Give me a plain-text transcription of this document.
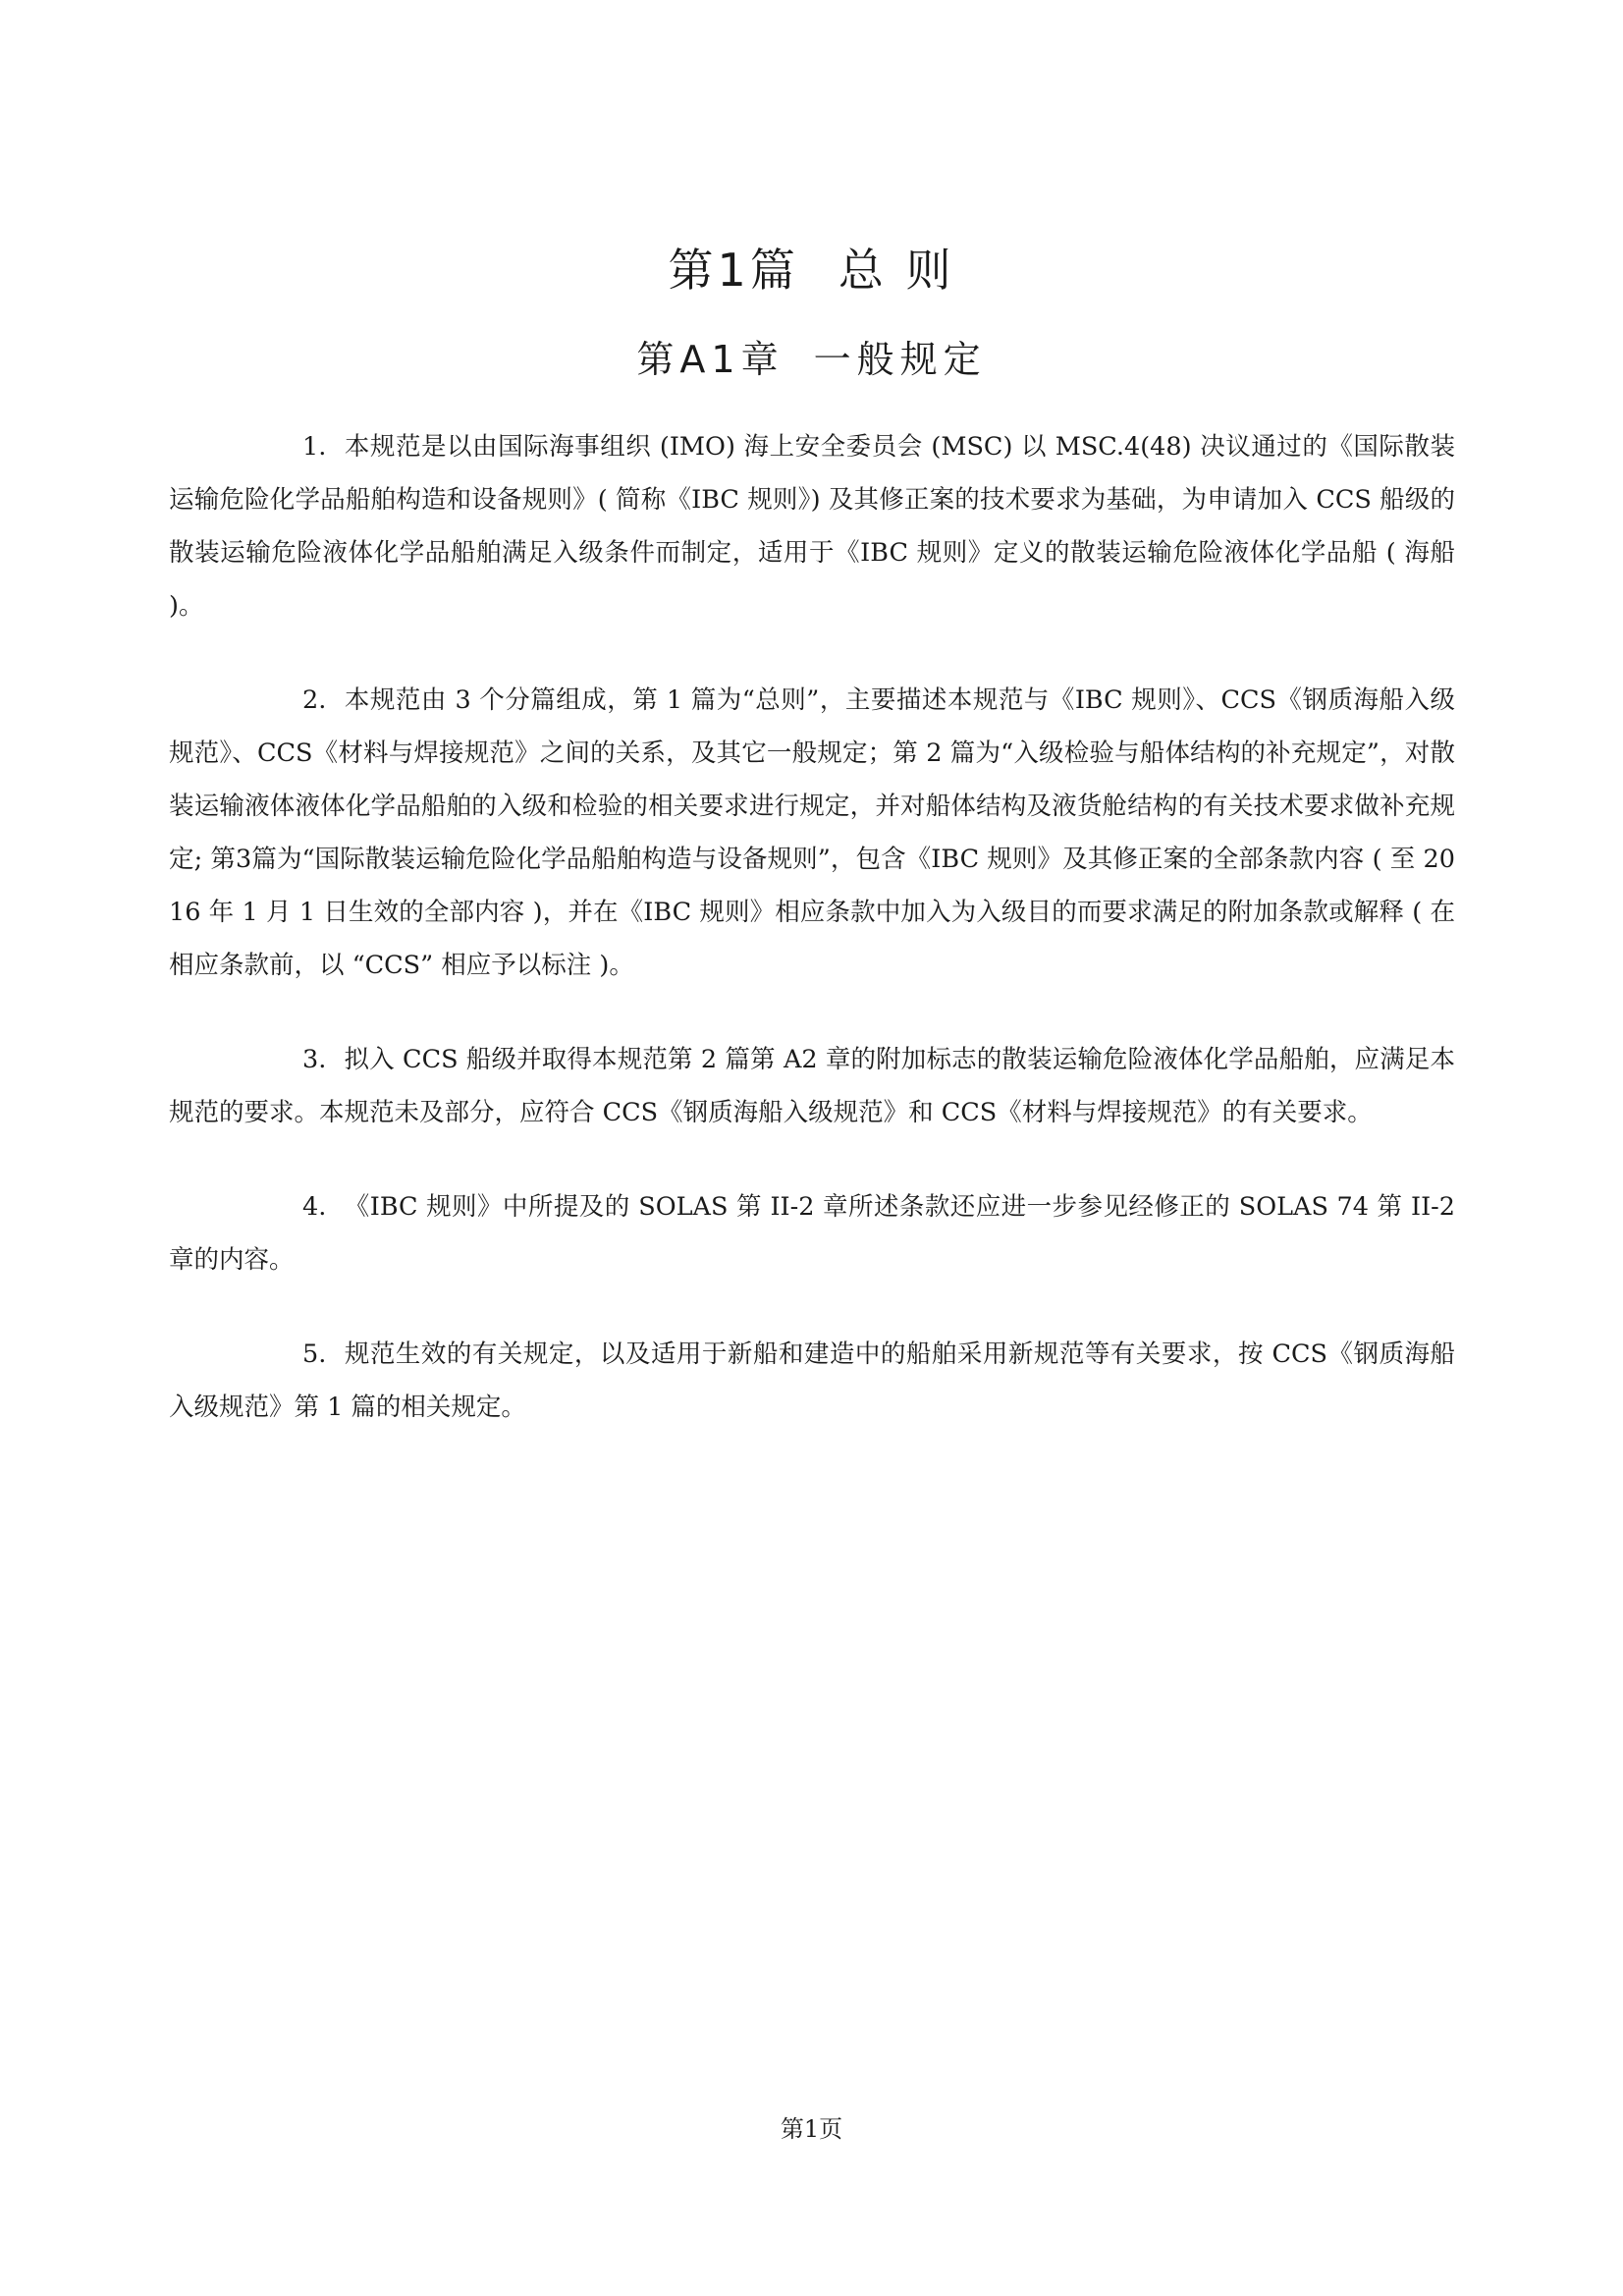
第1篇 总 则
第A1章 一般规定

1. 本规范是以由国际海事组织 (IMO) 海上安全委员会 (MSC) 以 MSC.4(48) 决议通过的《国际散装运输危险化学品船舶构造和设备规则》( 简称《IBC 规则》) 及其修正案的技术要求为基础，为申请加入 CCS 船级的散装运输危险液体化学品船舶满足入级条件而制定，适用于《IBC 规则》定义的散装运输危险液体化学品船 ( 海船 )。

2. 本规范由 3 个分篇组成，第 1 篇为“总则”，主要描述本规范与《IBC 规则》、CCS《钢质海船入级规范》、CCS《材料与焊接规范》之间的关系，及其它一般规定；第 2 篇为“入级检验与船体结构的补充规定”，对散装运输液体液体化学品船舶的入级和检验的相关要求进行规定，并对船体结构及液货舱结构的有关技术要求做补充规定; 第3篇为“国际散装运输危险化学品船舶构造与设备规则”，包含《IBC 规则》及其修正案的全部条款内容 ( 至 2016 年 1 月 1 日生效的全部内容 )，并在《IBC 规则》相应条款中加入为入级目的而要求满足的附加条款或解释 ( 在相应条款前，以 “CCS” 相应予以标注 )。

3. 拟入 CCS 船级并取得本规范第 2 篇第 A2 章的附加标志的散装运输危险液体化学品船舶，应满足本规范的要求。本规范未及部分，应符合 CCS《钢质海船入级规范》和 CCS《材料与焊接规范》的有关要求。

4. 《IBC 规则》中所提及的 SOLAS 第 II-2 章所述条款还应进一步参见经修正的 SOLAS 74 第 II-2 章的内容。

5. 规范生效的有关规定，以及适用于新船和建造中的船舶采用新规范等有关要求，按 CCS《钢质海船入级规范》第 1 篇的相关规定。

第1页
